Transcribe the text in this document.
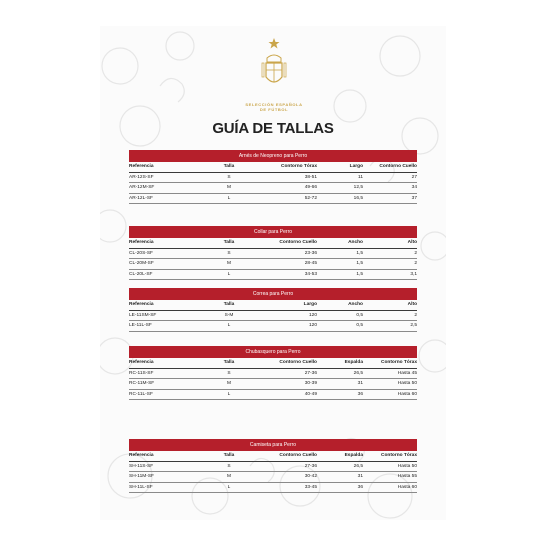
SELECCIÓN ESPAÑOLA
DE FÚTBOL
GUÍA DE TALLAS
Arnés de Neopreno para Perro
Referencia	Talla	Contorno Tórax	Largo	Contorno Cuello
AR-12S-SF	S	38-51	11	27
AR-12M-SF	M	49-66	12,5	34
AR-12L-SF	L	52-72	16,5	37
Collar para Perro
Referencia	Talla	Contorno Cuello	Ancho	Alto
CL-20S-SF	S	23-36	1,5	2
CL-20M-SF	M	28-45	1,5	2
CL-20L-SF	L	34-53	1,5	3,1
Correa para Perro
Referencia	Talla	Largo	Ancho	Alto
LE-11SM-SF	S-M	120	0,5	2
LE-11L-SF	L	120	0,5	2,5
Chubasquero para Perro
Referencia	Talla	Contorno Cuello	Espalda	Contorno Tórax
RC-11S-SF	S	27-36	26,5	Hasta 45
RC-11M-SF	M	30-39	31	Hasta 50
RC-11L-SF	L	40-49	36	Hasta 60
Camiseta para Perro
Referencia	Talla	Contorno Cuello	Espalda	Contorno Tórax
SH-11S-SF	S	27-36	26,5	Hasta 50
SH-11M-SF	M	30-42	31	Hasta 55
SH-11L-SF	L	33-45	36	Hasta 60
